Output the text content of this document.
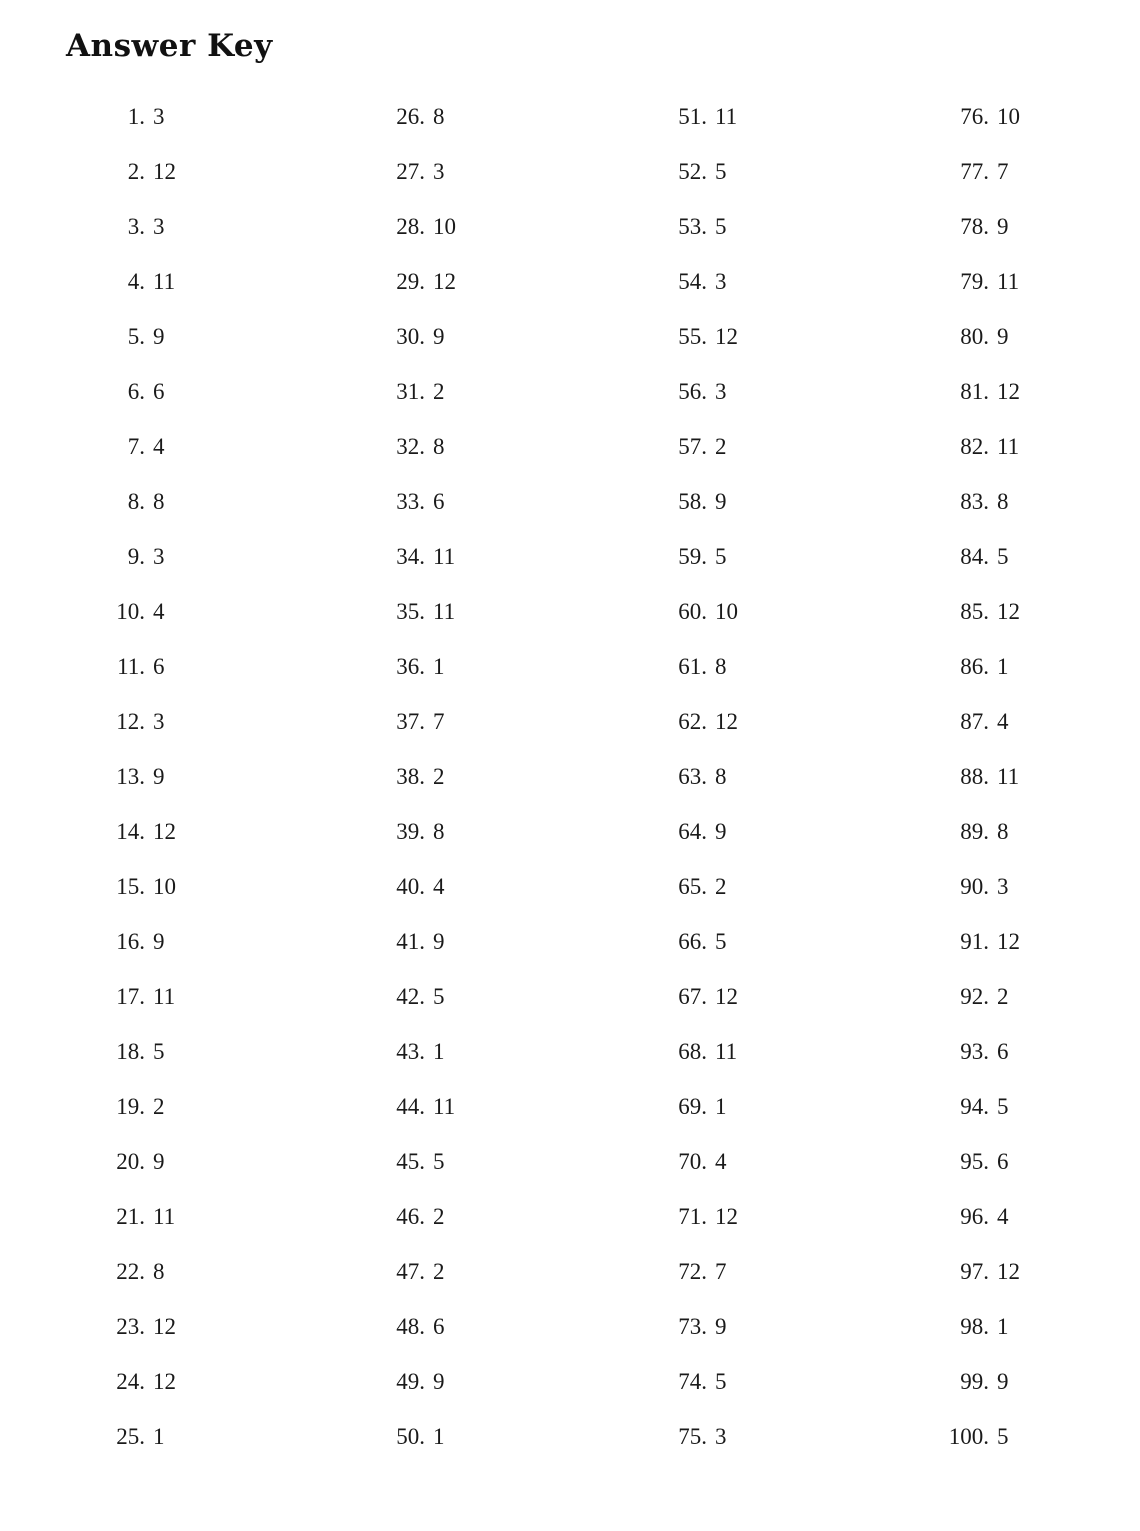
Answer Key
1. 3
2. 12
3. 3
4. 11
5. 9
6. 6
7. 4
8. 8
9. 3
10. 4
11. 6
12. 3
13. 9
14. 12
15. 10
16. 9
17. 11
18. 5
19. 2
20. 9
21. 11
22. 8
23. 12
24. 12
25. 1
26. 8
27. 3
28. 10
29. 12
30. 9
31. 2
32. 8
33. 6
34. 11
35. 11
36. 1
37. 7
38. 2
39. 8
40. 4
41. 9
42. 5
43. 1
44. 11
45. 5
46. 2
47. 2
48. 6
49. 9
50. 1
51. 11
52. 5
53. 5
54. 3
55. 12
56. 3
57. 2
58. 9
59. 5
60. 10
61. 8
62. 12
63. 8
64. 9
65. 2
66. 5
67. 12
68. 11
69. 1
70. 4
71. 12
72. 7
73. 9
74. 5
75. 3
76. 10
77. 7
78. 9
79. 11
80. 9
81. 12
82. 11
83. 8
84. 5
85. 12
86. 1
87. 4
88. 11
89. 8
90. 3
91. 12
92. 2
93. 6
94. 5
95. 6
96. 4
97. 12
98. 1
99. 9
100. 5
